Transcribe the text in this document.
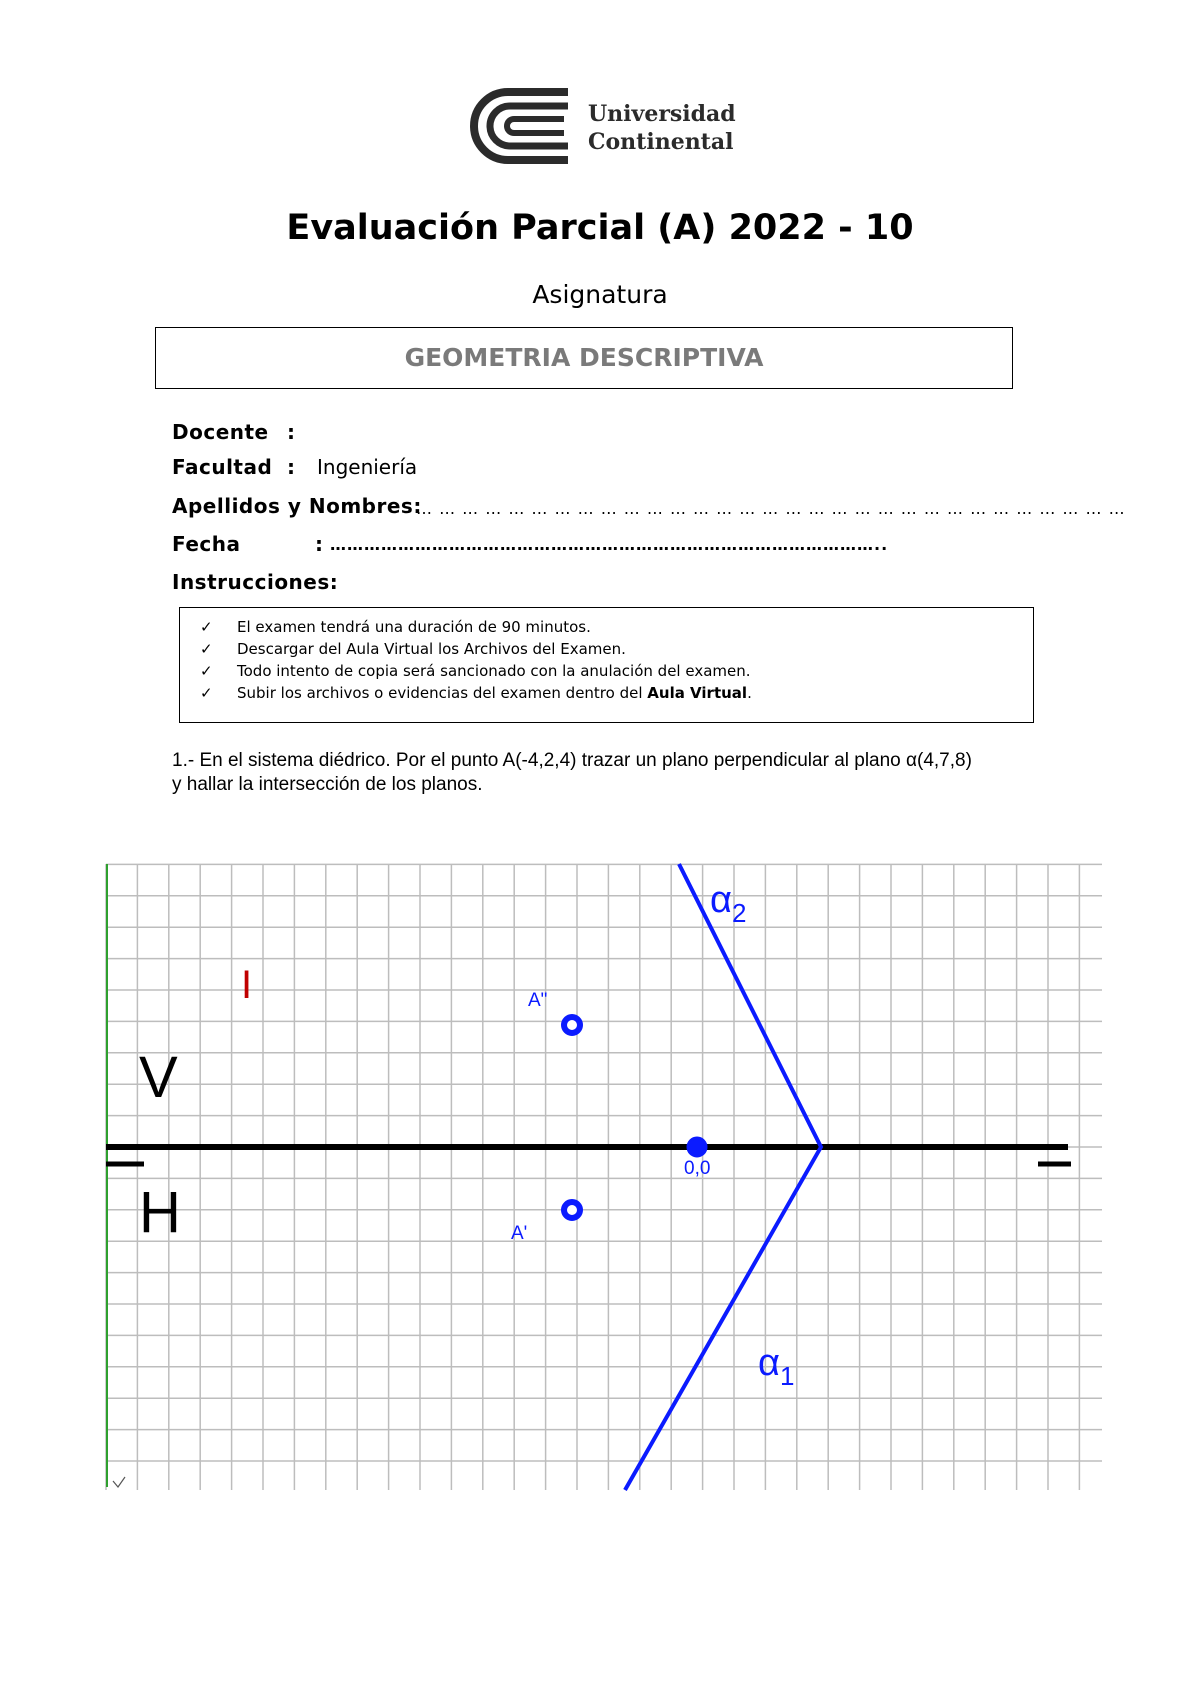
Universidad
Continental
Evaluación Parcial (A) 2022 - 10
Asignatura
GEOMETRIA DESCRIPTIVA
Docente :
Facultad : Ingeniería
Apellidos y Nombres:
… … … … … … … … … … … … … … … … … … … … … … … … … … … … … … …
Fecha	: ……………………………………………………………………………………..
Instrucciones:
✓ El examen tendrá una duración de 90 minutos.
✓ Descargar del Aula Virtual los Archivos del Examen.
✓ Todo intento de copia será sancionado con la anulación del examen.
✓ Subir los archivos o evidencias del examen dentro del Aula Virtual.
1.- En el sistema diédrico. Por el punto A(-4,2,4) trazar un plano perpendicular al plano α(4,7,8)
y hallar la intersección de los planos.
I
V
H
A"
A'
0,0
$\alpha_2$
$\alpha_1$
